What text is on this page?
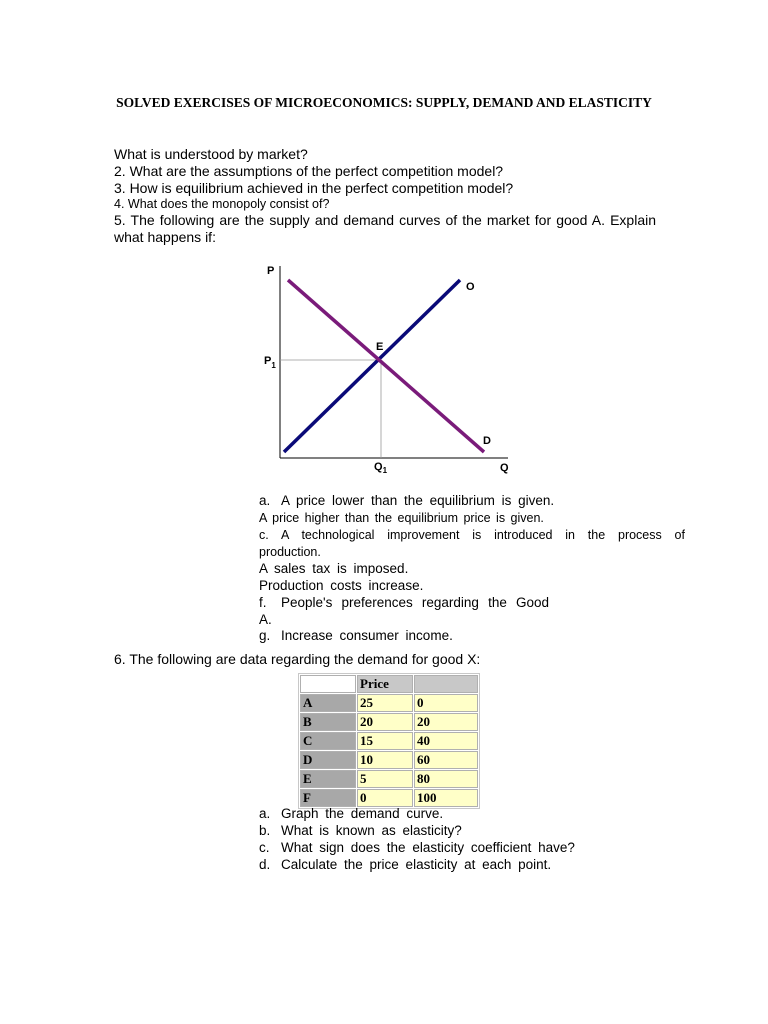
SOLVED EXERCISES OF MICROECONOMICS: SUPPLY, DEMAND AND ELASTICITY
What is understood by market?
2. What are the assumptions of the perfect competition model?
3. How is equilibrium achieved in the perfect competition model?
4. What does the monopoly consist of?
5. The following are the supply and demand curves of the market for good A. Explain what happens if:
P
$P_1$
E
O
D
$Q_1$	Q
a. A price lower than the equilibrium is given.
A price higher than the equilibrium price is given.
c. A technological improvement is introduced in the process of production.
A sales tax is imposed.
Production costs increase.
f. People's preferences regarding the Good A.
g. Increase consumer income.
6. The following are data regarding the demand for good X:
	Price	
A	25	0
B	20	20
C	15	40
D	10	60
E	5	80
F	0	100
a. Graph the demand curve.
b. What is known as elasticity?
c. What sign does the elasticity coefficient have?
d. Calculate the price elasticity at each point.
